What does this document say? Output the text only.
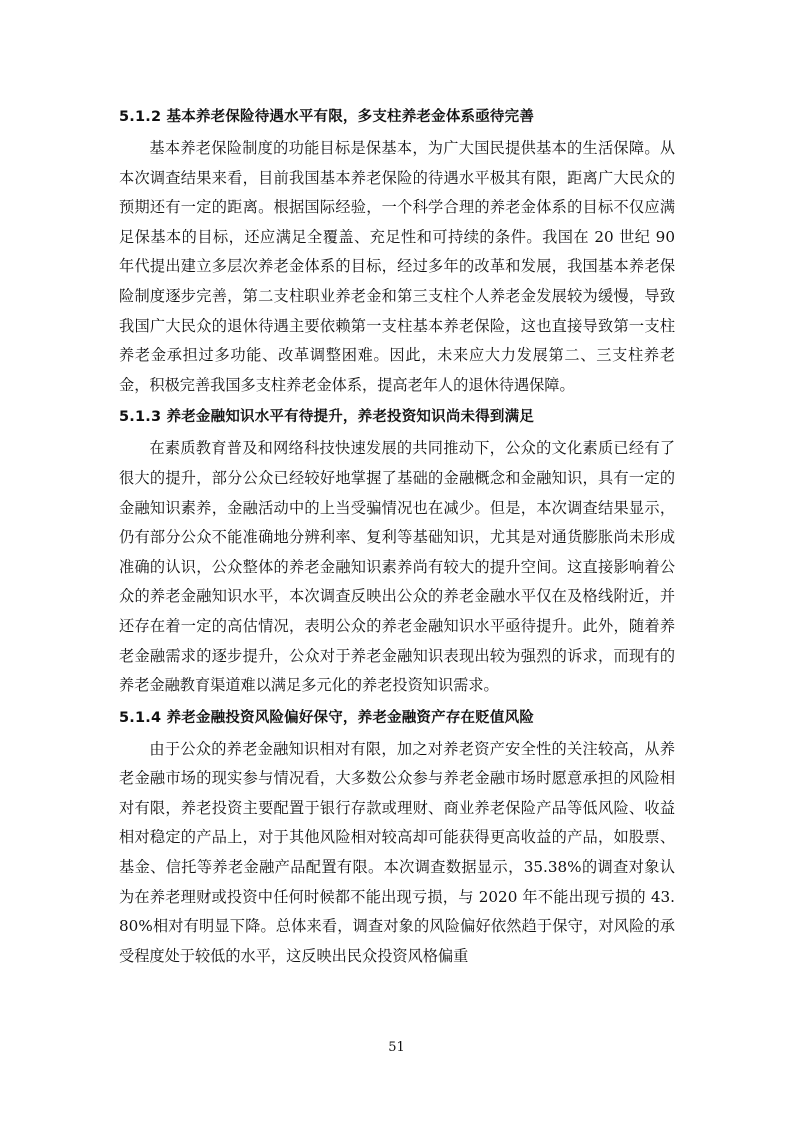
5.1.2 基本养老保险待遇水平有限，多支柱养老金体系亟待完善

基本养老保险制度的功能目标是保基本，为广大国民提供基本的生活保障。从本次调查结果来看，目前我国基本养老保险的待遇水平极其有限，距离广大民众的预期还有一定的距离。根据国际经验，一个科学合理的养老金体系的目标不仅应满足保基本的目标，还应满足全覆盖、充足性和可持续的条件。我国在 20 世纪 90 年代提出建立多层次养老金体系的目标，经过多年的改革和发展，我国基本养老保险制度逐步完善，第二支柱职业养老金和第三支柱个人养老金发展较为缓慢，导致我国广大民众的退休待遇主要依赖第一支柱基本养老保险，这也直接导致第一支柱养老金承担过多功能、改革调整困难。因此，未来应大力发展第二、三支柱养老金，积极完善我国多支柱养老金体系，提高老年人的退休待遇保障。

5.1.3 养老金融知识水平有待提升，养老投资知识尚未得到满足

在素质教育普及和网络科技快速发展的共同推动下，公众的文化素质已经有了很大的提升，部分公众已经较好地掌握了基础的金融概念和金融知识，具有一定的金融知识素养，金融活动中的上当受骗情况也在减少。但是，本次调查结果显示，仍有部分公众不能准确地分辨利率、复利等基础知识，尤其是对通货膨胀尚未形成准确的认识，公众整体的养老金融知识素养尚有较大的提升空间。这直接影响着公众的养老金融知识水平，本次调查反映出公众的养老金融水平仅在及格线附近，并还存在着一定的高估情况，表明公众的养老金融知识水平亟待提升。此外，随着养老金融需求的逐步提升，公众对于养老金融知识表现出较为强烈的诉求，而现有的养老金融教育渠道难以满足多元化的养老投资知识需求。

5.1.4 养老金融投资风险偏好保守，养老金融资产存在贬值风险

由于公众的养老金融知识相对有限，加之对养老资产安全性的关注较高，从养老金融市场的现实参与情况看，大多数公众参与养老金融市场时愿意承担的风险相对有限，养老投资主要配置于银行存款或理财、商业养老保险产品等低风险、收益相对稳定的产品上，对于其他风险相对较高却可能获得更高收益的产品，如股票、基金、信托等养老金融产品配置有限。本次调查数据显示，35.38%的调查对象认为在养老理财或投资中任何时候都不能出现亏损，与 2020 年不能出现亏损的 43.80%相对有明显下降。总体来看，调查对象的风险偏好依然趋于保守，对风险的承受程度处于较低的水平，这反映出民众投资风格偏重

51
